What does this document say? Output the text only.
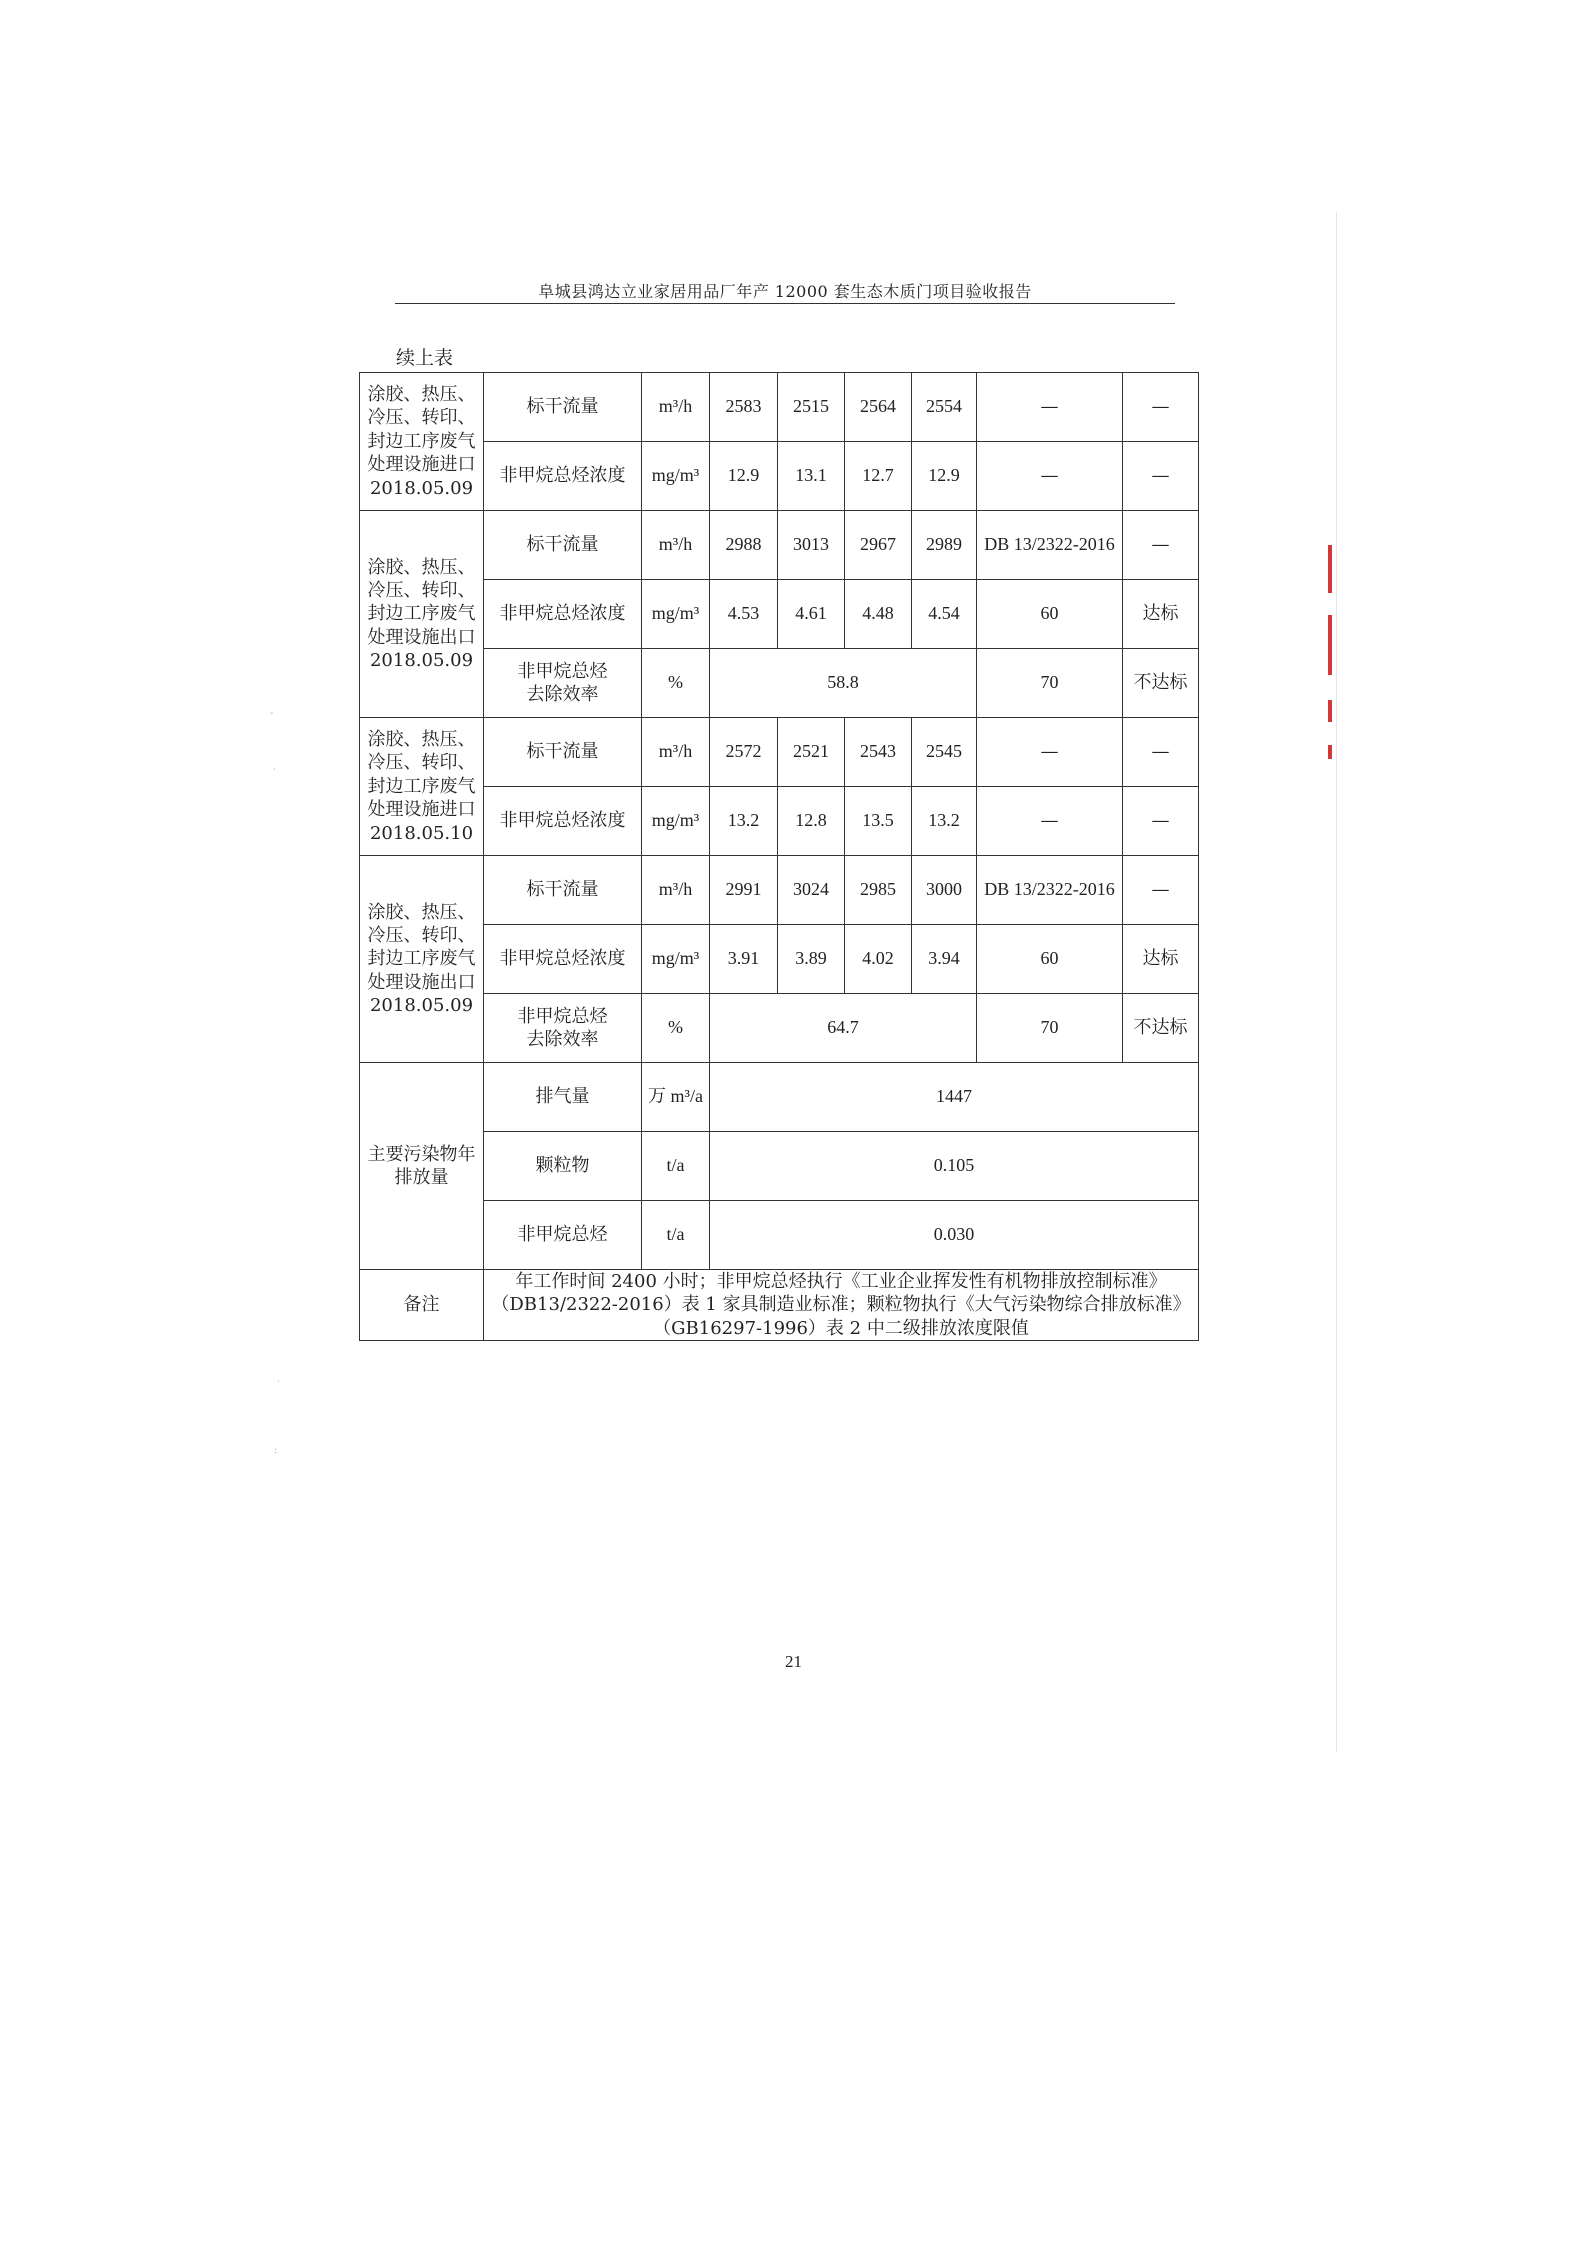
‐
˙
˙
:
阜城县鸿达立业家居用品厂年产 12000 套生态木质门项目验收报告
续上表
涂胶、热压、
冷压、转印、
封边工序废气
处理设施进口
2018.05.09	标干流量	m³/h	2583	2515	2564	2554	—	—
	非甲烷总烃浓度	mg/m³	12.9	13.1	12.7	12.9	—	—
涂胶、热压、
冷压、转印、
封边工序废气
处理设施出口
2018.05.09	标干流量	m³/h	2988	3013	2967	2989	DB 13/2322-2016	—
	非甲烷总烃浓度	mg/m³	4.53	4.61	4.48	4.54	60	达标
	非甲烷总烃
去除效率	%	58.8				70	不达标
涂胶、热压、
冷压、转印、
封边工序废气
处理设施进口
2018.05.10	标干流量	m³/h	2572	2521	2543	2545	—	—
	非甲烷总烃浓度	mg/m³	13.2	12.8	13.5	13.2	—	—
涂胶、热压、
冷压、转印、
封边工序废气
处理设施出口
2018.05.09	标干流量	m³/h	2991	3024	2985	3000	DB 13/2322-2016	—
	非甲烷总烃浓度	mg/m³	3.91	3.89	4.02	3.94	60	达标
	非甲烷总烃
去除效率	%	64.7				70	不达标
主要污染物年
排放量	排气量	万 m³/a	1447					
	颗粒物	t/a	0.105					
	非甲烷总烃	t/a	0.030					
备注	年工作时间 2400 小时；非甲烷总烃执行《工业企业挥发性有机物排放控制标准》
（DB13/2322-2016）表 1 家具制造业标准；颗粒物执行《大气污染物综合排放标准》
（GB16297-1996）表 2 中二级排放浓度限值							
21
